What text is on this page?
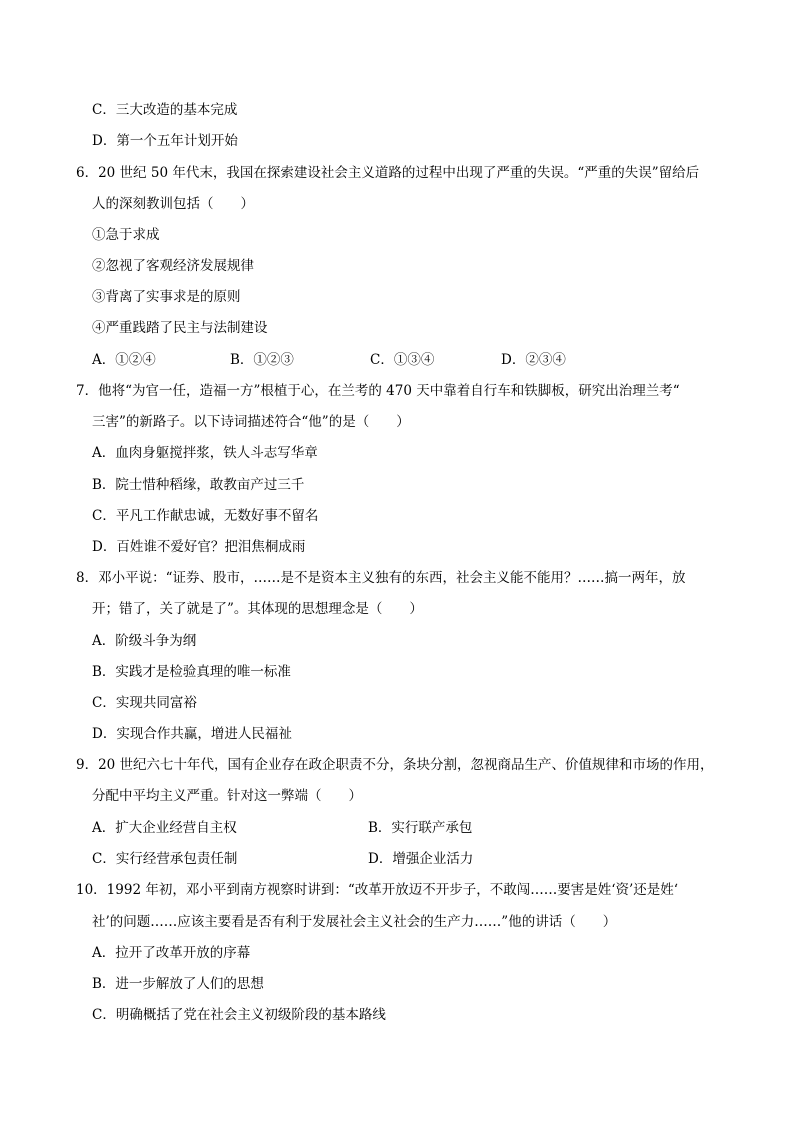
C．三大改造的基本完成
D．第一个五年计划开始
6．20 世纪 50 年代末，我国在探索建设社会主义道路的过程中出现了严重的失误。“严重的失误”留给后
人的深刻教训包括（　　）
①急于求成
②忽视了客观经济发展规律
③背离了实事求是的原则
④严重践踏了民主与法制建设
A．①②④	B．①②③	C．①③④	D．②③④
7．他将“为官一任，造福一方”根植于心，在兰考的 470 天中靠着自行车和铁脚板，研究出治理兰考“
三害”的新路子。以下诗词描述符合“他”的是（　　）
A．血肉身躯搅拌浆，铁人斗志写华章
B．院士惜种稻缘，敢教亩产过三千
C．平凡工作献忠诚，无数好事不留名
D．百姓谁不爱好官？把泪焦桐成雨
8．邓小平说：“证券、股市，……是不是资本主义独有的东西，社会主义能不能用？……搞一两年，放
开；错了，关了就是了”。其体现的思想理念是（　　）
A．阶级斗争为纲
B．实践才是检验真理的唯一标准
C．实现共同富裕
D．实现合作共赢，增进人民福祉
9．20 世纪六七十年代，国有企业存在政企职责不分，条块分割，忽视商品生产、价值规律和市场的作用，
分配中平均主义严重。针对这一弊端（　　）
A．扩大企业经营自主权	B．实行联产承包
C．实行经营承包责任制	D．增强企业活力
10．1992 年初，邓小平到南方视察时讲到：“改革开放迈不开步子，不敢闯……要害是姓‘资’还是姓‘
社’的问题……应该主要看是否有利于发展社会主义社会的生产力……”他的讲话（　　）
A．拉开了改革开放的序幕
B．进一步解放了人们的思想
C．明确概括了党在社会主义初级阶段的基本路线
